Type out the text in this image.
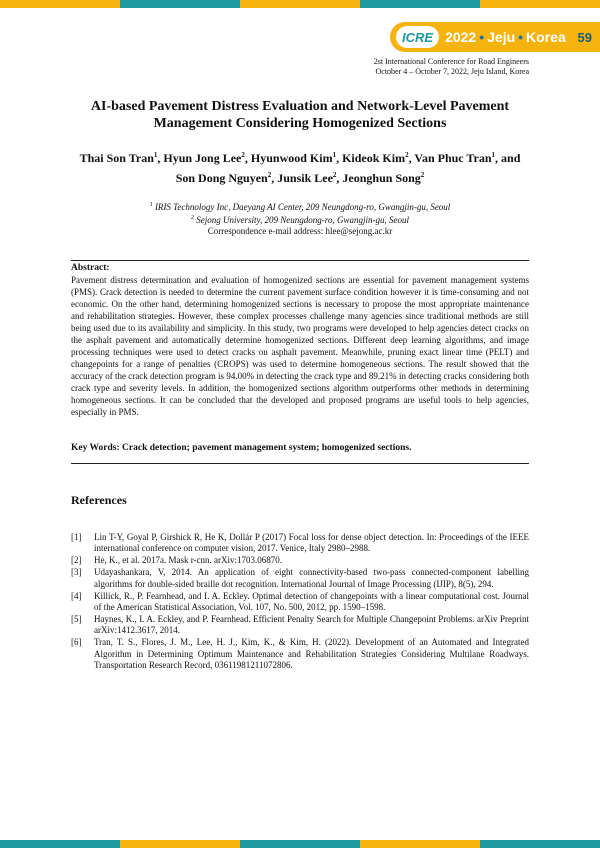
ICRE 2022 • Jeju • Korea 59
2st International Conference for Road Engineers
October 4 – October 7, 2022, Jeju Island, Korea
AI-based Pavement Distress Evaluation and Network-Level Pavement
Management Considering Homogenized Sections
Thai Son Tran$^1$, Hyun Jong Lee$^2$, Hyunwood Kim$^1$, Kideok Kim$^2$, Van Phuc Tran$^1$, and
Son Dong Nguyen$^2$, Junsik Lee$^2$, Jeonghun Song$^2$
$^1$ IRIS Technology Inc, Daeyang AI Center, 209 Neungdong-ro, Gwangjin-gu, Seoul
$^2$ Sejong University, 209 Neungdong-ro, Gwangjin-gu, Seoul
Correspondence e-mail address: hlee@sejong.ac.kr
Abstract:
Pavement distress determination and evaluation of homogenized sections are essential for pavement management systems (PMS). Crack detection is needed to determine the current pavement surface condition however it is time-consuming and not economic. On the other hand, determining homogenized sections is necessary to propose the most appropriate maintenance and rehabilitation strategies. However, these complex processes challenge many agencies since traditional methods are still being used due to its availability and simplicity. In this study, two programs were developed to help agencies detect cracks on the asphalt pavement and automatically determine homogenized sections. Different deep learning algorithms, and image processing techniques were used to detect cracks on asphalt pavement. Meanwhile, pruning exact linear time (PELT) and changepoints for a range of penalties (CROPS) was used to determine homogeneous sections. The result showed that the accuracy of the crack detection program is 94.00% in detecting the crack type and 89.21% in detecting cracks considering both crack type and severity levels. In addition, the homogenized sections algorithm outperforms other methods in determining homogeneous sections. It can be concluded that the developed and proposed programs are useful tools to help agencies, especially in PMS.
Key Words: Crack detection; pavement management system; homogenized sections.
References
[1]	Lin T-Y, Goyal P, Girshick R, He K, Dollár P (2017) Focal loss for dense object detection. In: Proceedings of the IEEE international conference on computer vision, 2017. Venice, Italy 2980–2988.
[2]	He, K., et al. 2017a. Mask r-cnn. arXiv:1703.06870.
[3]	Udayashankara, V, 2014. An application of eight connectivity-based two-pass connected-component labelling algorithms for double-sided braille dot recognition. International Journal of Image Processing (IJIP), 8(5), 294.
[4]	Killick, R., P. Fearnhead, and I. A. Eckley. Optimal detection of changepoints with a linear computational cost. Journal of the American Statistical Association, Vol. 107, No. 500, 2012, pp. 1590–1598.
[5]	Haynes, K., I. A. Eckley, and P. Fearnhead. Efficient Penalty Search for Multiple Changepoint Problems. arXiv Preprint arXiv:1412.3617, 2014.
[6]	Tran, T. S., Flores, J. M., Lee, H. J., Kim, K., & Kim, H. (2022). Development of an Automated and Integrated Algorithm in Determining Optimum Maintenance and Rehabilitation Strategies Considering Multilane Roadways. Transportation Research Record, 03611981211072806.
